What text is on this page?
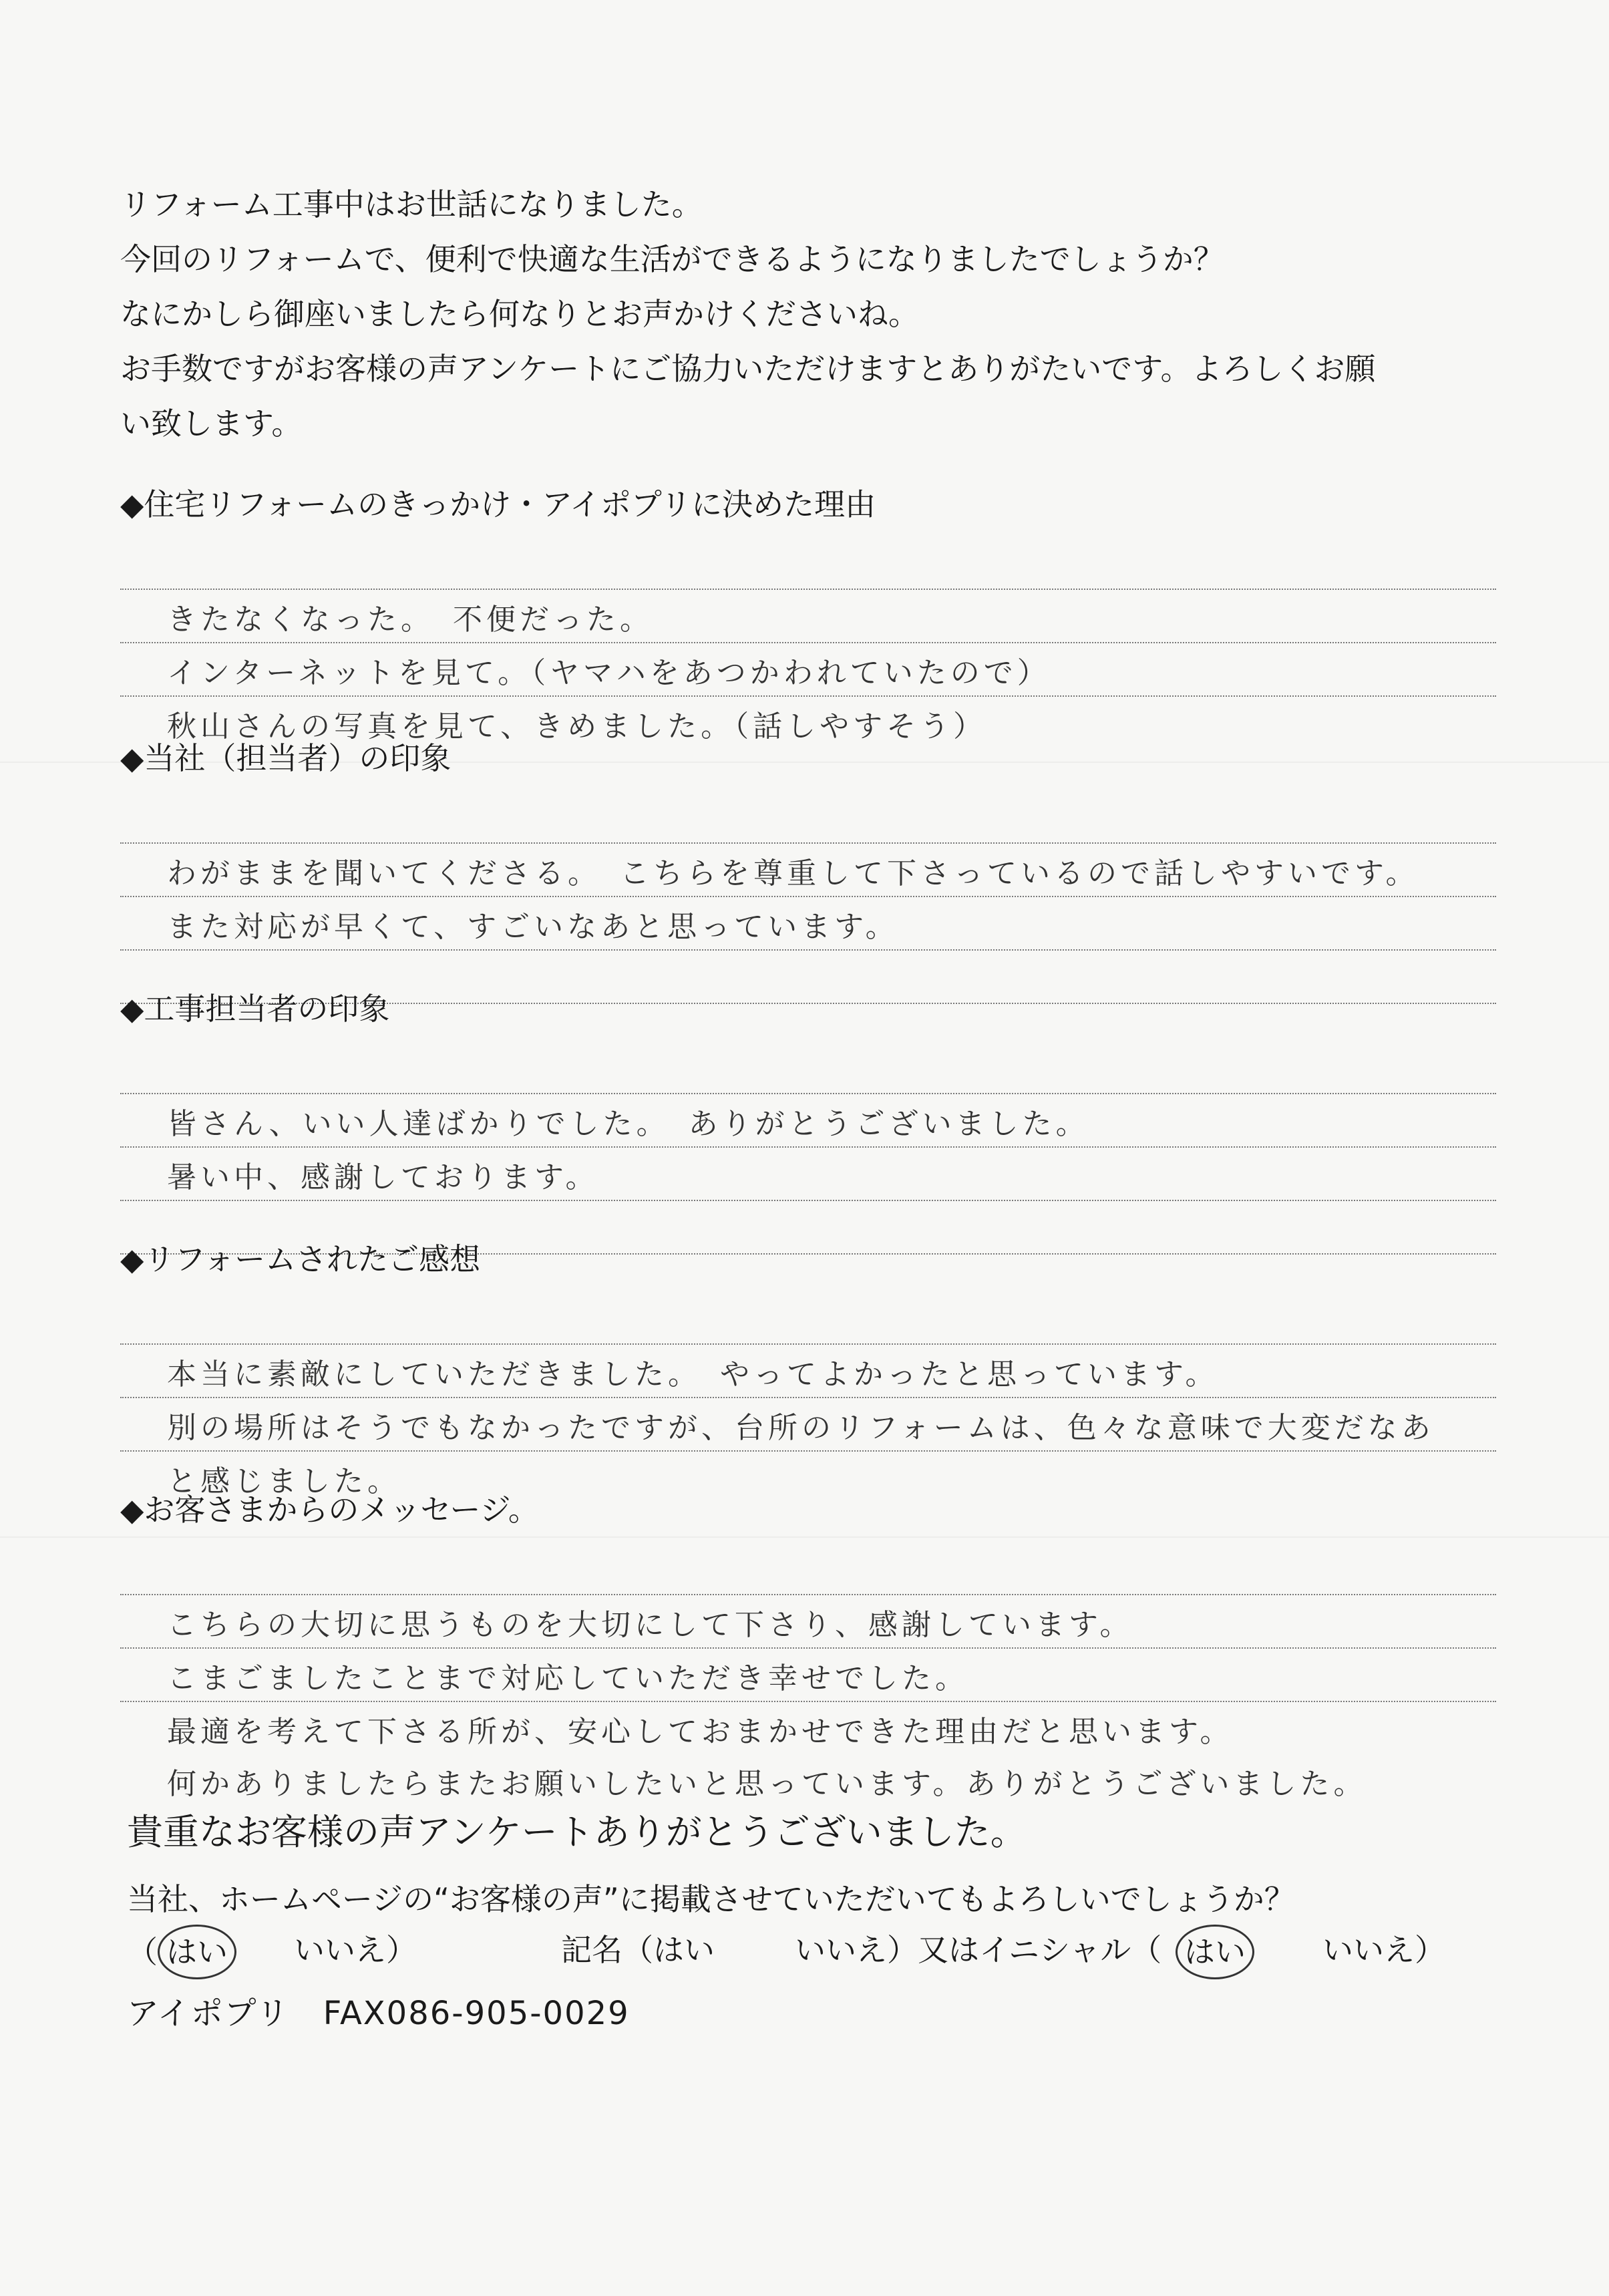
リフォーム工事中はお世話になりました。

今回のリフォームで、便利で快適な生活ができるようになりましたでしょうか？

なにかしら御座いましたら何なりとお声かけくださいね。

お手数ですがお客様の声アンケートにご協力いただけますとありがたいです。よろしくお願

い致します。

◆住宅リフォームのきっかけ・アイポプリに決めた理由
きたなくなった。　不便だった。
インターネットを見て。（ヤマハをあつかわれていたので）
秋山さんの写真を見て、きめました。（話しやすそう）
◆当社（担当者）の印象
わがままを聞いてくださる。　こちらを尊重して下さっているので話しやすいです。
また対応が早くて、すごいなあと思っています。
◆工事担当者の印象
皆さん、いい人達ばかりでした。　ありがとうございました。
暑い中、感謝しております。
◆リフォームされたご感想
本当に素敵にしていただきました。　やってよかったと思っています。
別の場所はそうでもなかったですが、台所のリフォームは、色々な意味で大変だなあ
と感じました。
◆お客さまからのメッセージ。
こちらの大切に思うものを大切にして下さり、感謝しています。
こまごましたことまで対応していただき幸せでした。
最適を考えて下さる所が、安心しておまかせできた理由だと思います。
何かありましたらまたお願いしたいと思っています。ありがとうございました。
貴重なお客様の声アンケートありがとうございました。
当社、ホームページの“お客様の声”に掲載させていただいてもよろしいでしょうか？
（ はい いいえ）	記名（はい	いいえ）又はイニシャル（ はい	いいえ）
アイポプリ　FAX086-905-0029
